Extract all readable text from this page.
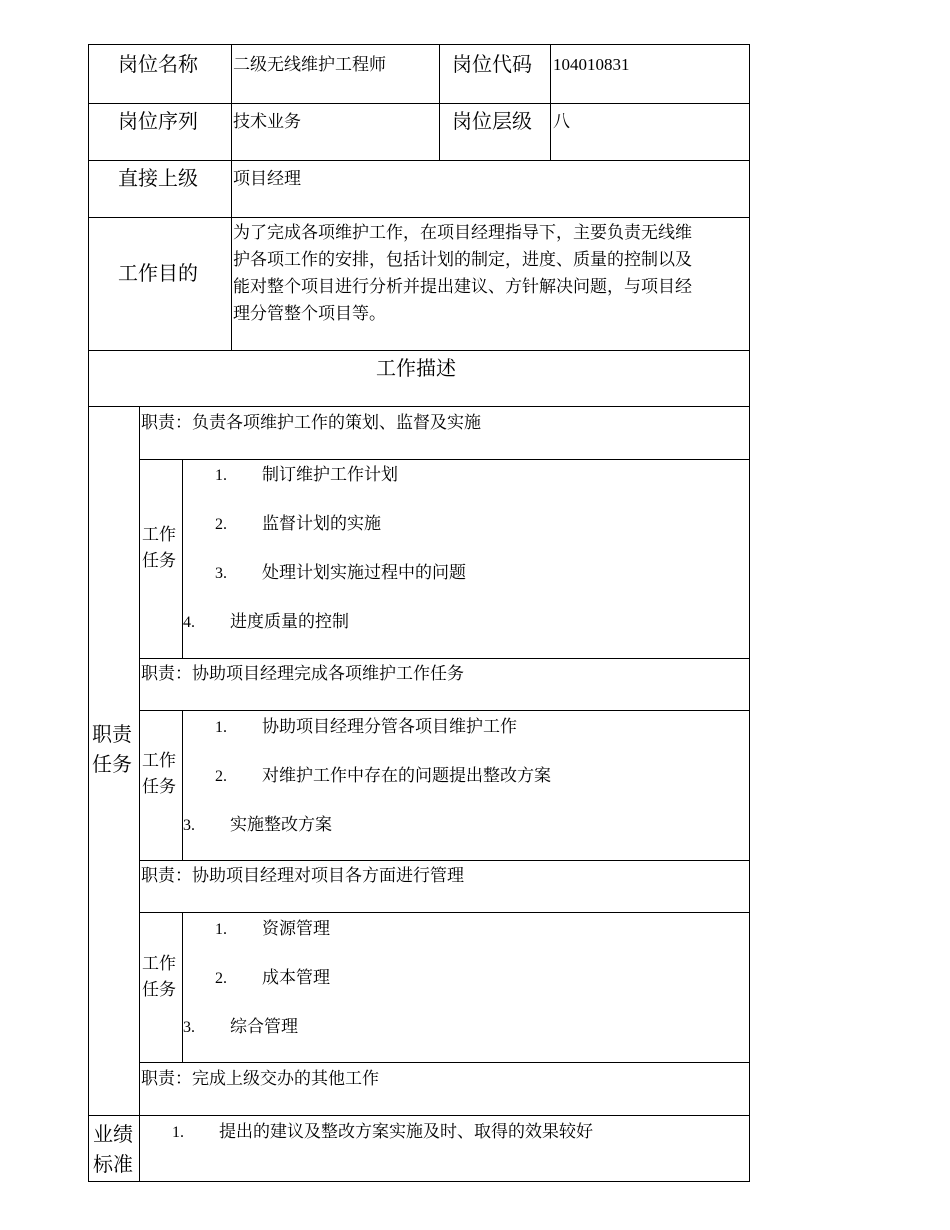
岗位名称 二级无线维护工程师	岗位代码 104010831
岗位序列 技术业务	岗位层级 八
直接上级 项目经理
工作目的
为了完成各项维护工作，在项目经理指导下，主要负责无线维
护各项工作的安排，包括计划的制定，进度、质量的控制以及
能对整个项目进行分析并提出建议、方针解决问题，与项目经
理分管整个项目等。
工作描述
职责任务
职责：负责各项维护工作的策划、监督及实施
工作任务
1. 制订维护工作计划
2. 监督计划的实施
3. 处理计划实施过程中的问题
4. 进度质量的控制
职责：协助项目经理完成各项维护工作任务
工作任务
1. 协助项目经理分管各项目维护工作
2. 对维护工作中存在的问题提出整改方案
3. 实施整改方案
职责：协助项目经理对项目各方面进行管理
工作任务
1. 资源管理
2. 成本管理
3. 综合管理
职责：完成上级交办的其他工作
业绩标准
1. 提出的建议及整改方案实施及时、取得的效果较好
